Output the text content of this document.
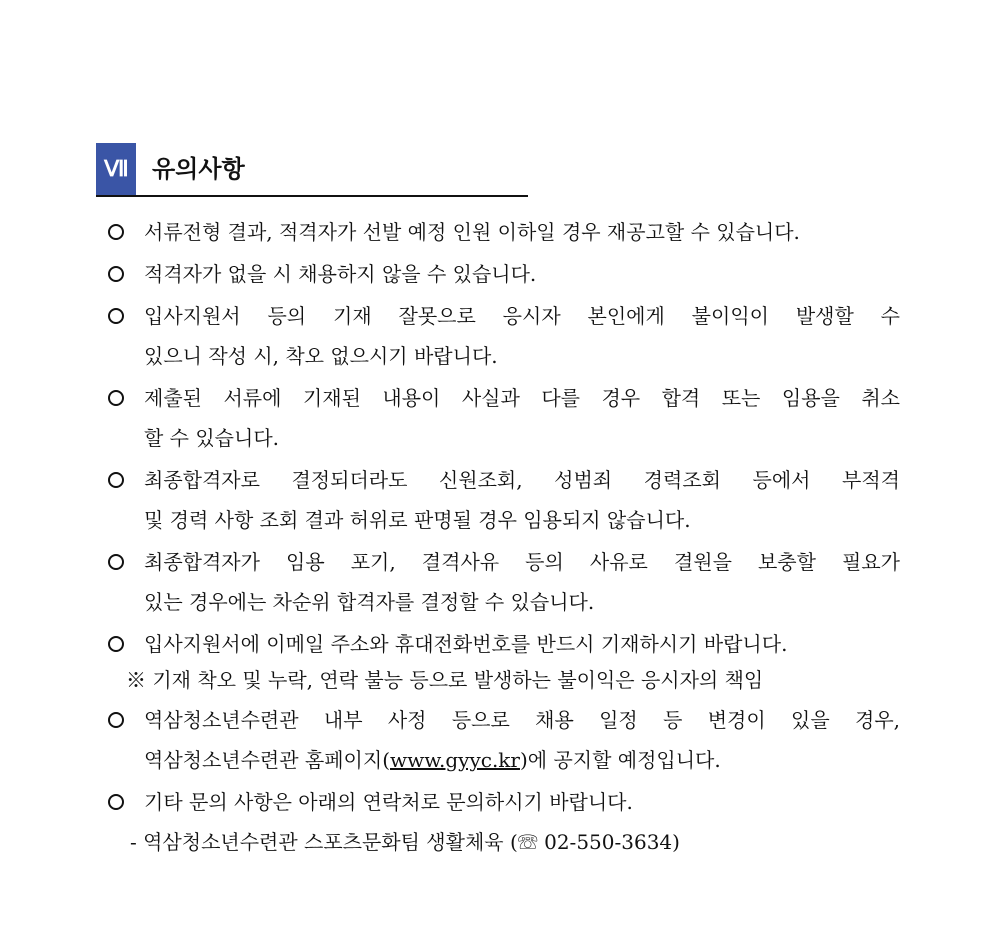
Ⅶ	유의사항
서류전형 결과, 적격자가 선발 예정 인원 이하일 경우 재공고할 수 있습니다.
적격자가 없을 시 채용하지 않을 수 있습니다.
입사지원서 등의 기재 잘못으로 응시자 본인에게 불이익이 발생할 수
있으니 작성 시, 착오 없으시기 바랍니다.
제출된 서류에 기재된 내용이 사실과 다를 경우 합격 또는 임용을 취소
할 수 있습니다.
최종합격자로 결정되더라도 신원조회, 성범죄 경력조회 등에서 부적격
및 경력 사항 조회 결과 허위로 판명될 경우 임용되지 않습니다.
최종합격자가 임용 포기, 결격사유 등의 사유로 결원을 보충할 필요가
있는 경우에는 차순위 합격자를 결정할 수 있습니다.
입사지원서에 이메일 주소와 휴대전화번호를 반드시 기재하시기 바랍니다.
※ 기재 착오 및 누락, 연락 불능 등으로 발생하는 불이익은 응시자의 책임
역삼청소년수련관 내부 사정 등으로 채용 일정 등 변경이 있을 경우,
역삼청소년수련관 홈페이지(www.gyyc.kr)에 공지할 예정입니다.
기타 문의 사항은 아래의 연락처로 문의하시기 바랍니다.
- 역삼청소년수련관 스포츠문화팀 생활체육 (☏ 02-550-3634)
